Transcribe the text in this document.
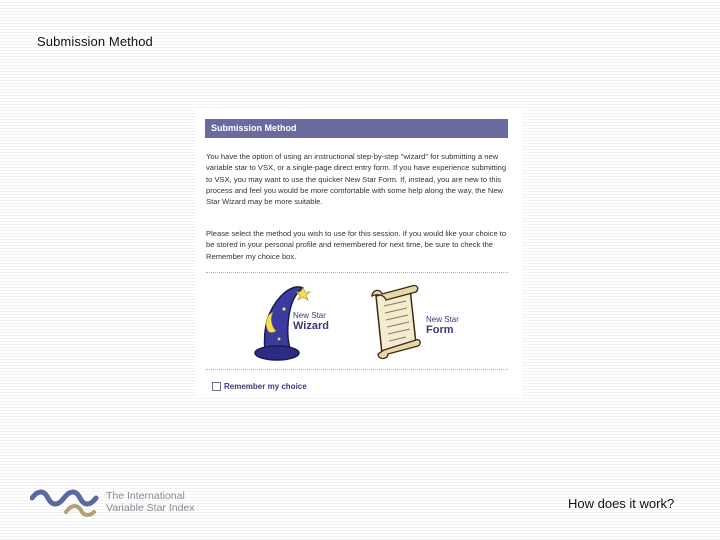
Submission Method
Submission Method
You have the option of using an instructional step-by-step "wizard" for submitting a new variable star to VSX, or a single-page direct entry form. If you have experience submitting to VSX, you may want to use the quicker New Star Form. If, instead, you are new to this process and feel you would be more comfortable with some help along the way, the New Star Wizard may be more suitable.
Please select the method you wish to use for this session. If you would like your choice to be stored in your personal profile and remembered for next time, be sure to check the Remember my choice box.
New Star
Wizard
New Star
Form
Remember my choice
The International
Variable Star Index	How does it work?
